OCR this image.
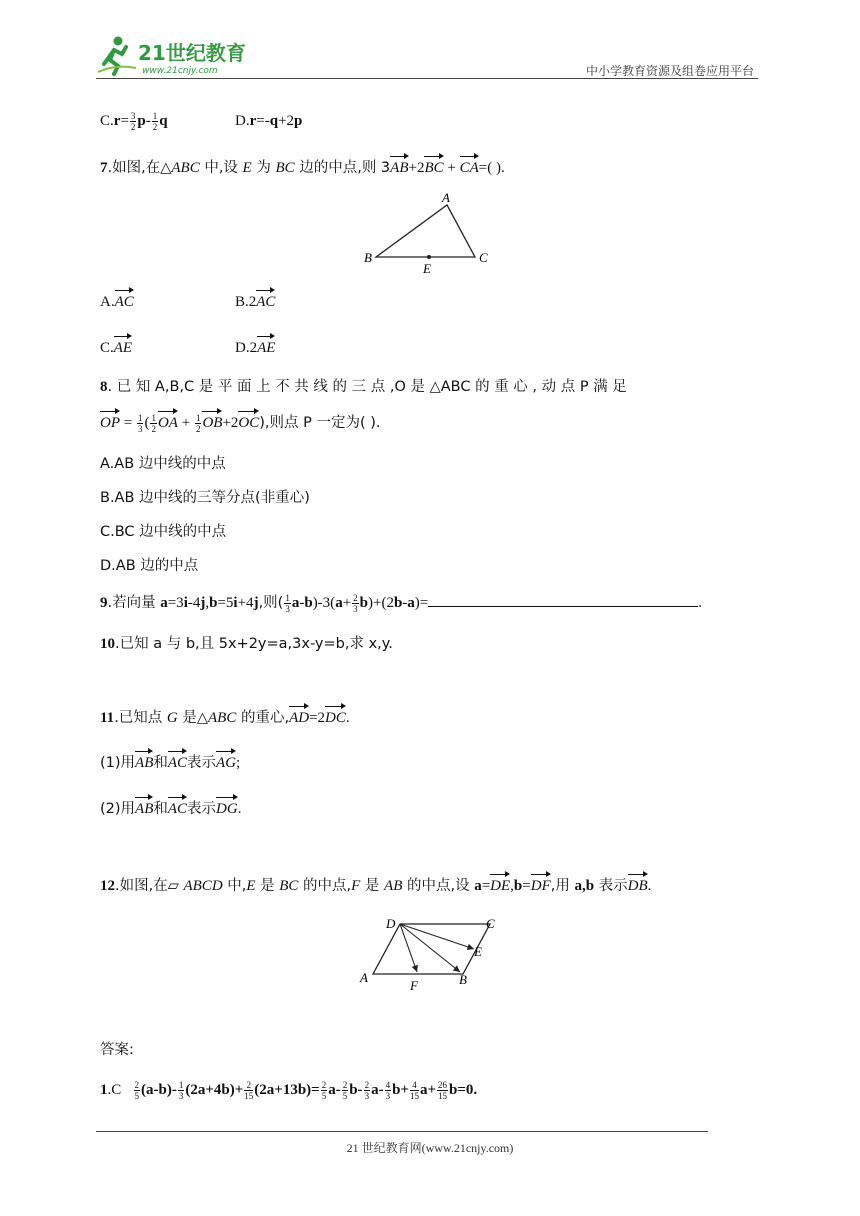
21世纪教育
www.21cnjy.com	中小学教育资源及组卷应用平台
$C.r= \frac{3}{2} p- \frac{1}{2}$ q	D.r=-q+2p
7.如图,在△ABC 中,设 E 为 BC 边的中点,则 3AB+2BC + CA=( ).
A
B	C
E
A.AC	B.2AC
C.AE	D.2AE
8. 已 知 A,B,C 是 平 面 上 不 共 线 的 三 点 ,O 是 △ABC 的 重 心 , 动 点 P 满 足
OP = $\frac{1}{3}$ ( $\frac{1}{2}$ OA + $\frac{1}{2} OB+2OC$),则点 P 一定为( ).
A.AB 边中线的中点
B.AB 边中线的三等分点(非重心)
C.BC 边中线的中点
D.AB 边的中点
9.若向量 a=3i-4j,b=5i+4j,则( $\frac{1}{3} a-b)-3(a+ \frac{2}{3} b)+(2b-a)=$	.
10.已知 a 与 b,且 5x+2y=a,3x-y=b,求 x,y.
11.已知点 G 是△ABC 的重心,AD=2DC.
(1)用AB和AC表示AG;
(2)用AB和AC表示DG.
12.如图,在▱ ABCD 中,E 是 BC 的中点,F 是 AB 的中点,设 a=DE,b=DF,用 a,b 表示DB.
D	C
E
A
F	B
答案:
$1.C \frac{2}{5} (a-b)- \frac{1}{3} (2a+4b)+ \frac{2}{15} (2a+13b)= \frac{2}{5} a- \frac{2}{5} b- \frac{2}{3} a- \frac{4}{3} b+ \frac{4}{15} a+ \frac{26}{15} b=0$.
21 世纪教育网(www.21cnjy.com)
